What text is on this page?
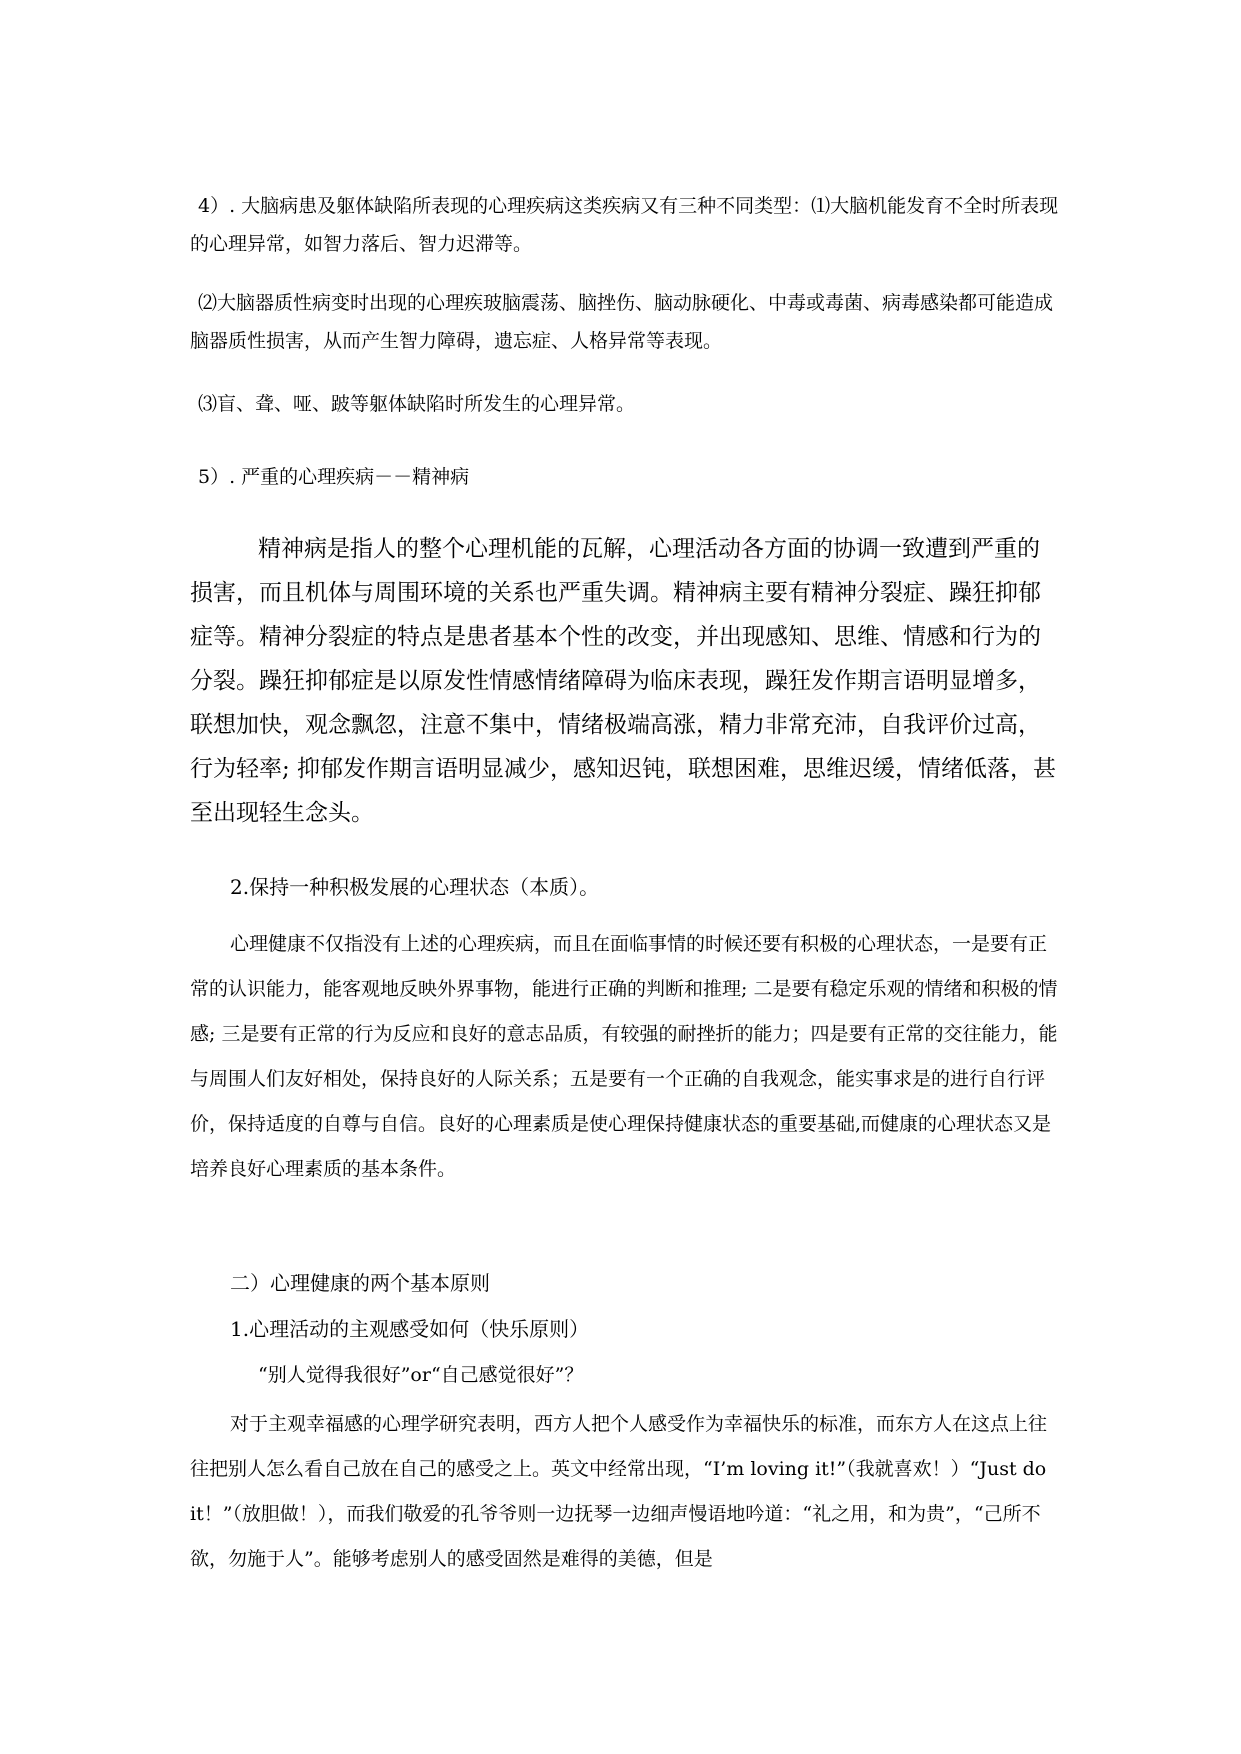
4）. 大脑病患及躯体缺陷所表现的心理疾病这类疾病又有三种不同类型：⑴大脑机能发育不全时所表现的心理异常，如智力落后、智力迟滞等。

⑵大脑器质性病变时出现的心理疾玻脑震荡、脑挫伤、脑动脉硬化、中毒或毒菌、病毒感染都可能造成脑器质性损害，从而产生智力障碍，遗忘症、人格异常等表现。

⑶盲、聋、哑、跛等躯体缺陷时所发生的心理异常。

5）. 严重的心理疾病－－精神病

精神病是指人的整个心理机能的瓦解，心理活动各方面的协调一致遭到严重的损害，而且机体与周围环境的关系也严重失调。精神病主要有精神分裂症、躁狂抑郁症等。精神分裂症的特点是患者基本个性的改变，并出现感知、思维、情感和行为的分裂。躁狂抑郁症是以原发性情感情绪障碍为临床表现，躁狂发作期言语明显增多，联想加快，观念飘忽，注意不集中，情绪极端高涨，精力非常充沛，自我评价过高，行为轻率; 抑郁发作期言语明显减少，感知迟钝，联想困难，思维迟缓，情绪低落，甚至出现轻生念头。

2.保持一种积极发展的心理状态（本质）。

心理健康不仅指没有上述的心理疾病，而且在面临事情的时候还要有积极的心理状态，一是要有正常的认识能力，能客观地反映外界事物，能进行正确的判断和推理; 二是要有稳定乐观的情绪和积极的情感; 三是要有正常的行为反应和良好的意志品质，有较强的耐挫折的能力；四是要有正常的交往能力，能与周围人们友好相处，保持良好的人际关系；五是要有一个正确的自我观念，能实事求是的进行自行评价，保持适度的自尊与自信。良好的心理素质是使心理保持健康状态的重要基础,而健康的心理状态又是培养良好心理素质的基本条件。

二）心理健康的两个基本原则

1.心理活动的主观感受如何（快乐原则）

“别人觉得我很好”or“自己感觉很好”？

对于主观幸福感的心理学研究表明，西方人把个人感受作为幸福快乐的标准，而东方人在这点上往往把别人怎么看自己放在自己的感受之上。英文中经常出现，“I’m loving it!”（我就喜欢！）“Just do it！”（放胆做！），而我们敬爱的孔爷爷则一边抚琴一边细声慢语地吟道：“礼之用，和为贵”，“己所不欲，勿施于人”。能够考虑别人的感受固然是难得的美德，但是
